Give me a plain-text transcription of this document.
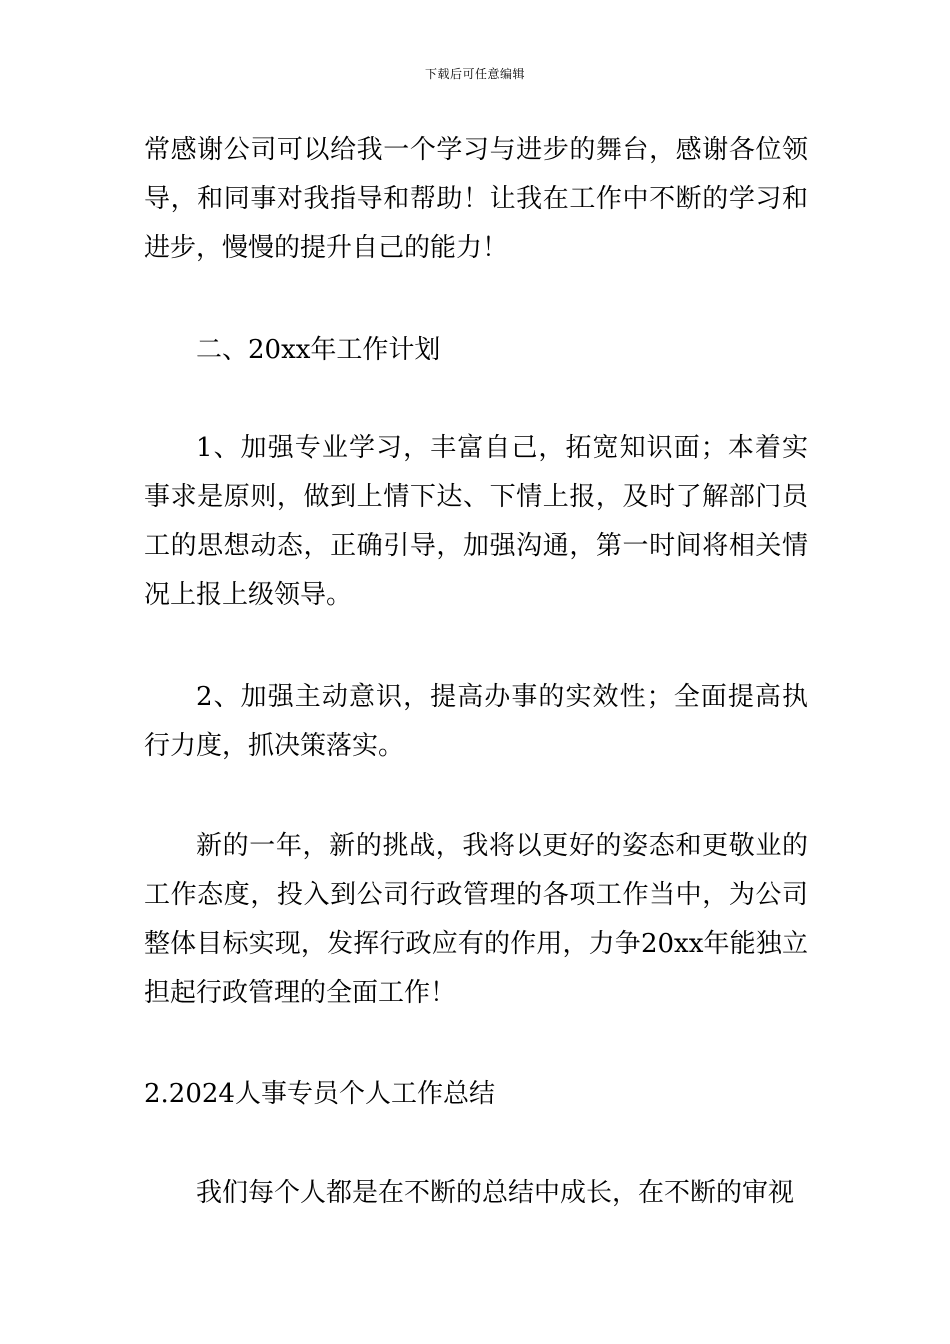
下载后可任意编辑

常感谢公司可以给我一个学习与进步的舞台，感谢各位领导，和同事对我指导和帮助！让我在工作中不断的学习和进步，慢慢的提升自己的能力！

二、20xx年工作计划

1、加强专业学习，丰富自己，拓宽知识面；本着实事求是原则，做到上情下达、下情上报，及时了解部门员工的思想动态，正确引导，加强沟通，第一时间将相关情况上报上级领导。

2、加强主动意识，提高办事的实效性；全面提高执行力度，抓决策落实。

新的一年，新的挑战，我将以更好的姿态和更敬业的工作态度，投入到公司行政管理的各项工作当中，为公司整体目标实现，发挥行政应有的作用，力争20xx年能独立担起行政管理的全面工作！

2.2024人事专员个人工作总结

我们每个人都是在不断的总结中成长，在不断的审视
